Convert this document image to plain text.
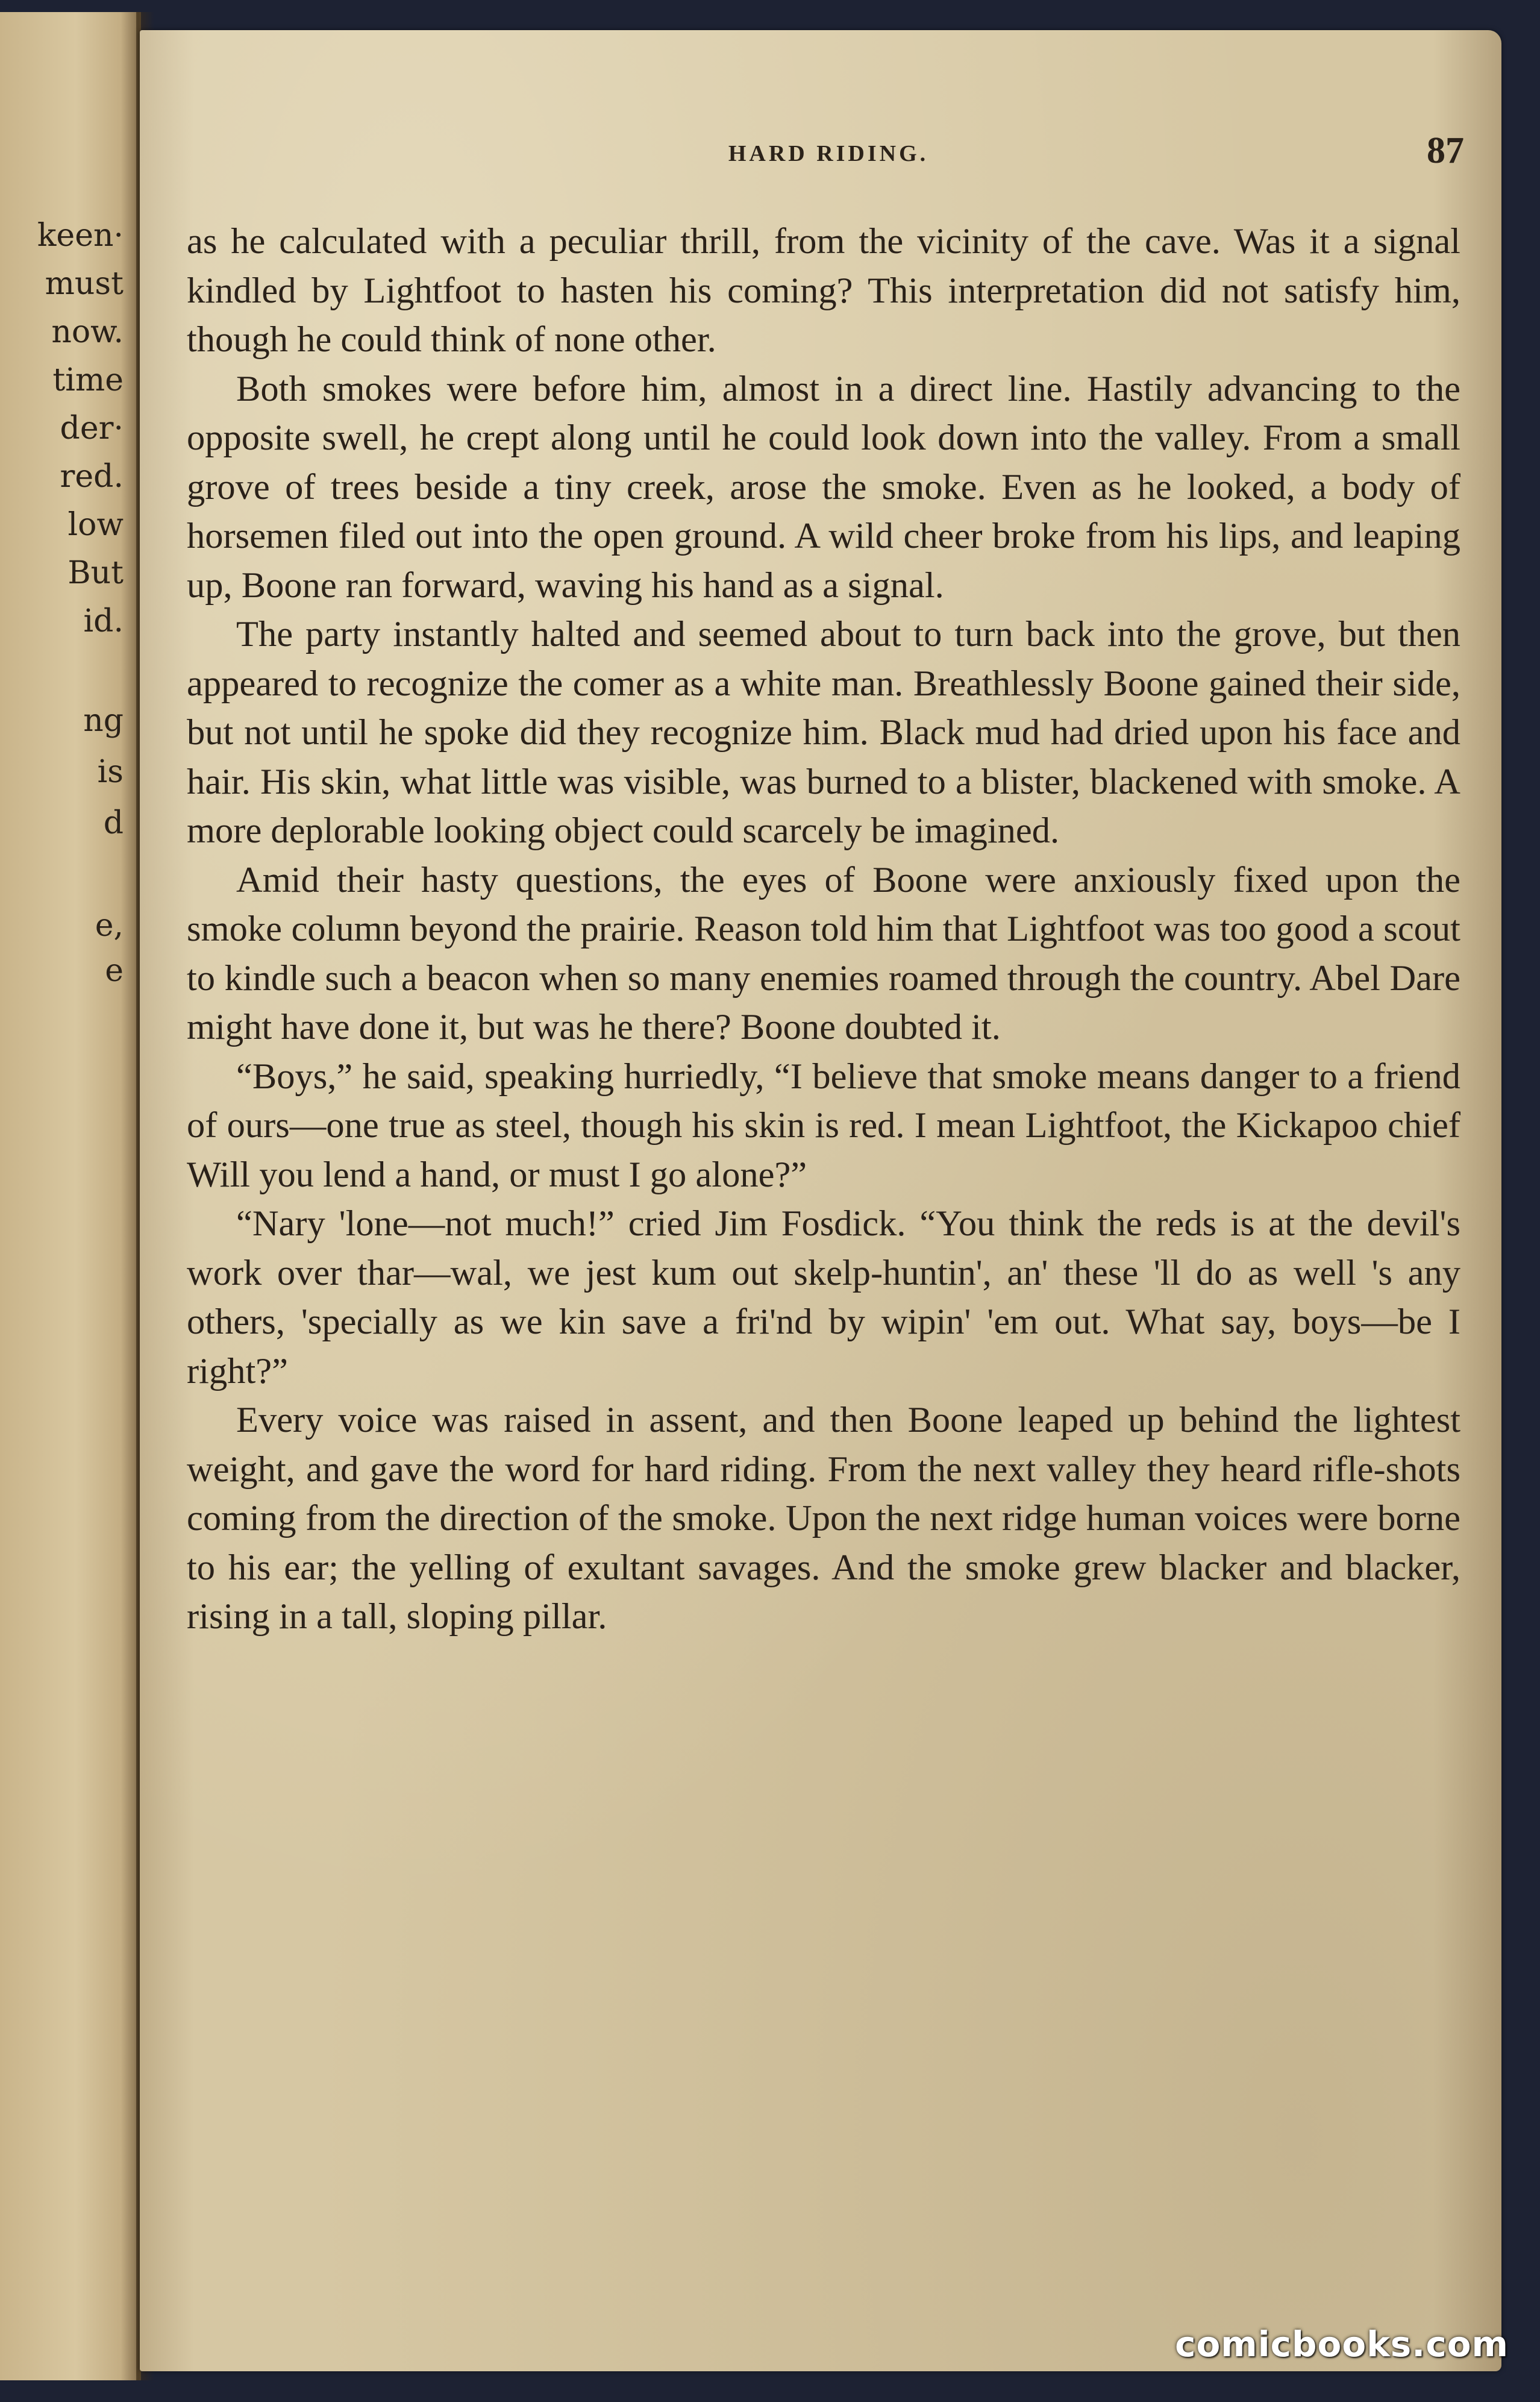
keen·
must
now.
time
der·
red.
low
But
id.
ng
is
d
e,
e
HARD RIDING.	87

as he calculated with a peculiar thrill, from the vicinity of the cave. Was it a signal kindled by Lightfoot to hasten his coming? This interpretation did not satisfy him, though he could think of none other.

Both smokes were before him, almost in a direct line. Hastily advancing to the opposite swell, he crept along until he could look down into the valley. From a small grove of trees beside a tiny creek, arose the smoke. Even as he looked, a body of horsemen filed out into the open ground. A wild cheer broke from his lips, and leaping up, Boone ran forward, waving his hand as a signal.

The party instantly halted and seemed about to turn back into the grove, but then appeared to recognize the comer as a white man. Breathlessly Boone gained their side, but not until he spoke did they recognize him. Black mud had dried upon his face and hair. His skin, what little was visible, was burned to a blister, blackened with smoke. A more deplorable looking object could scarcely be imagined.

Amid their hasty questions, the eyes of Boone were anxiously fixed upon the smoke column beyond the prairie. Reason told him that Lightfoot was too good a scout to kindle such a beacon when so many enemies roamed through the country. Abel Dare might have done it, but was he there? Boone doubted it.

“Boys,” he said, speaking hurriedly, “I believe that smoke means danger to a friend of ours—one true as steel, though his skin is red. I mean Lightfoot, the Kickapoo chief Will you lend a hand, or must I go alone?”

“Nary 'lone—not much!” cried Jim Fosdick. “You think the reds is at the devil's work over thar—wal, we jest kum out skelp-huntin', an' these 'll do as well 's any others, 'specially as we kin save a fri'nd by wipin' 'em out. What say, boys—be I right?”

Every voice was raised in assent, and then Boone leaped up behind the lightest weight, and gave the word for hard riding. From the next valley they heard rifle-shots coming from the direction of the smoke. Upon the next ridge human voices were borne to his ear; the yelling of exultant savages. And the smoke grew blacker and blacker, rising in a tall, sloping pillar.

comicbooks.com
